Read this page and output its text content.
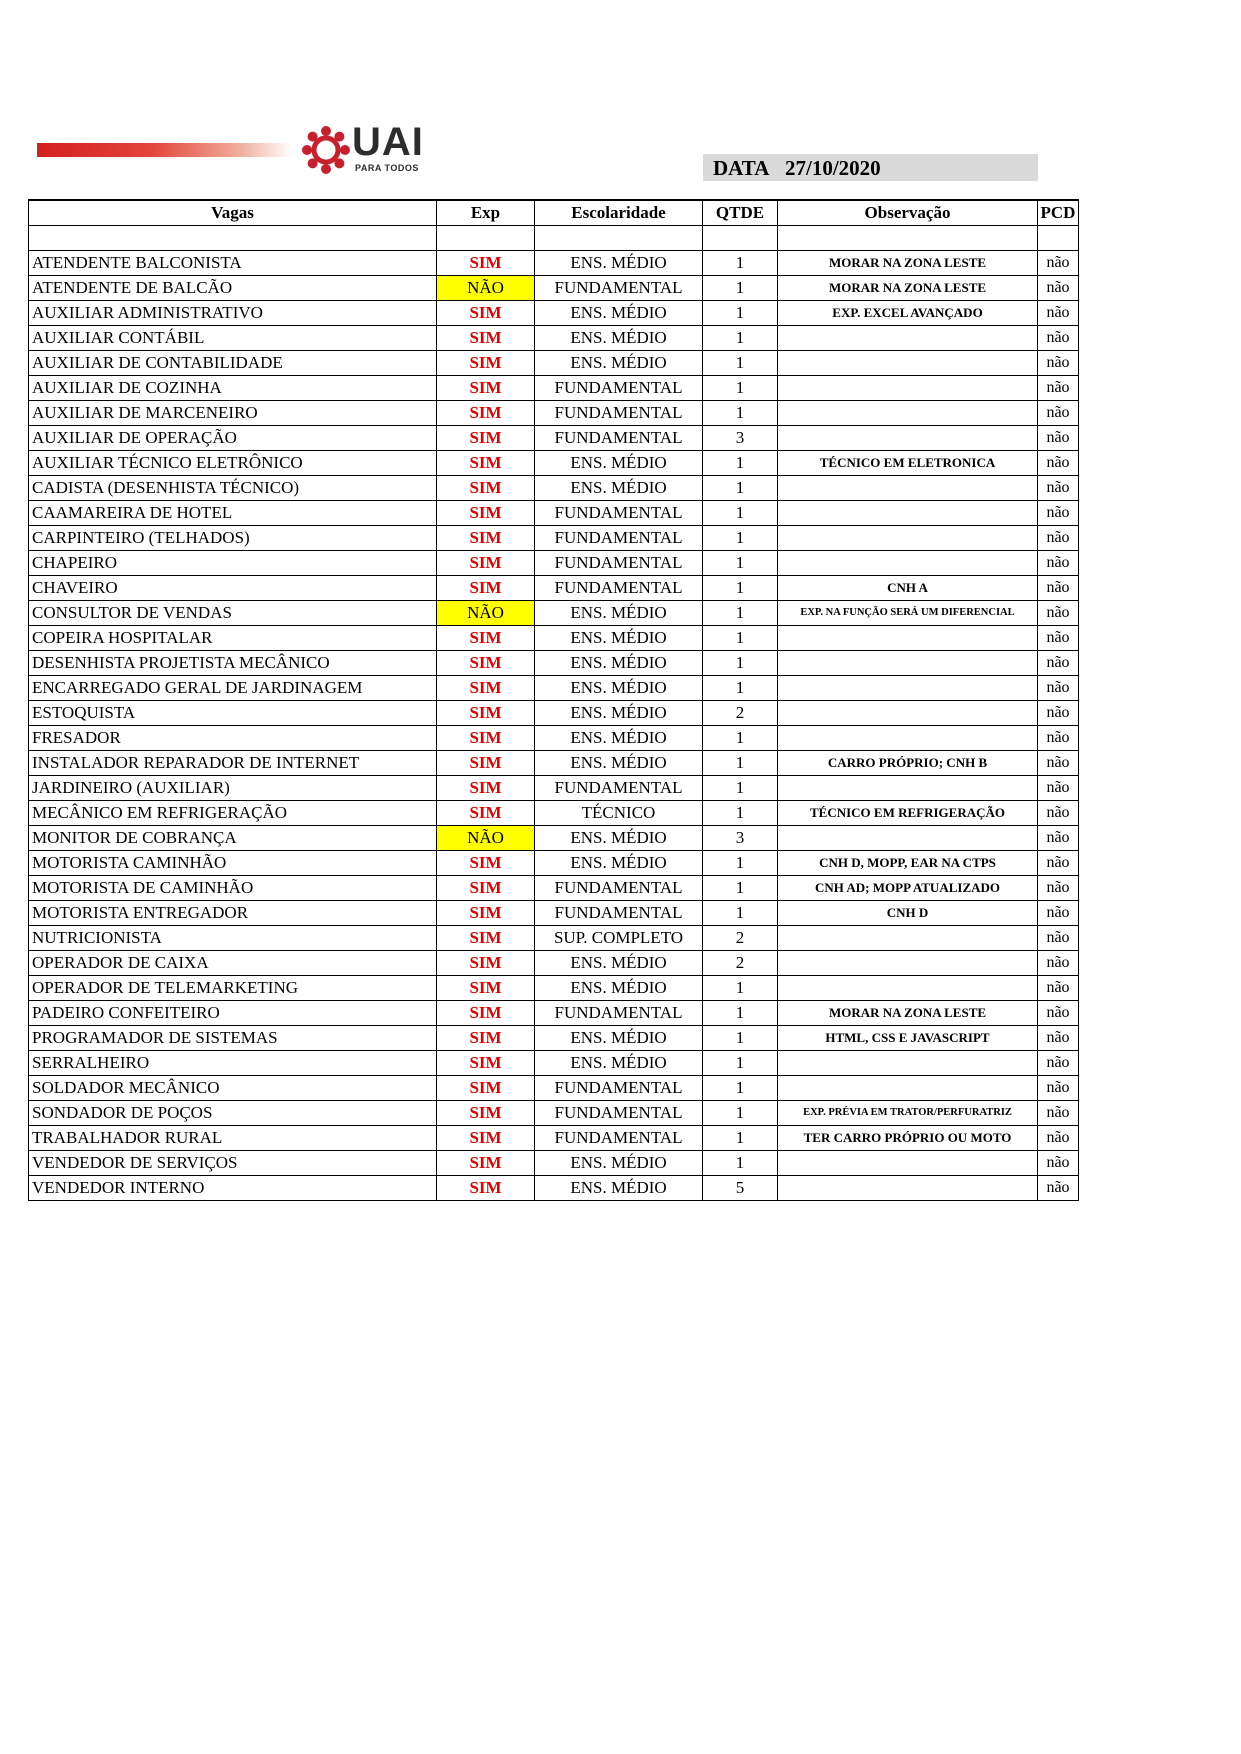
UAI
PARA TODOS	DATA 27/10/2020
Vagas	Exp	Escolaridade	QTDE	Observação	PCD

ATENDENTE BALCONISTA	SIM	ENS. MÉDIO	1	MORAR NA ZONA LESTE	não
ATENDENTE DE BALCÃO	NÃO	FUNDAMENTAL	1	MORAR NA ZONA LESTE	não
AUXILIAR ADMINISTRATIVO	SIM	ENS. MÉDIO	1	EXP. EXCEL AVANÇADO	não
AUXILIAR CONTÁBIL	SIM	ENS. MÉDIO	1		não
AUXILIAR DE CONTABILIDADE	SIM	ENS. MÉDIO	1		não
AUXILIAR DE COZINHA	SIM	FUNDAMENTAL	1		não
AUXILIAR DE MARCENEIRO	SIM	FUNDAMENTAL	1		não
AUXILIAR DE OPERAÇÃO	SIM	FUNDAMENTAL	3		não
AUXILIAR TÉCNICO ELETRÔNICO	SIM	ENS. MÉDIO	1	TÉCNICO EM ELETRONICA	não
CADISTA (DESENHISTA TÉCNICO)	SIM	ENS. MÉDIO	1		não
CAAMAREIRA DE HOTEL	SIM	FUNDAMENTAL	1		não
CARPINTEIRO (TELHADOS)	SIM	FUNDAMENTAL	1		não
CHAPEIRO	SIM	FUNDAMENTAL	1		não
CHAVEIRO	SIM	FUNDAMENTAL	1	CNH A	não
CONSULTOR DE VENDAS	NÃO	ENS. MÉDIO	1	EXP. NA FUNÇÃO SERÁ UM DIFERENCIAL	não
COPEIRA HOSPITALAR	SIM	ENS. MÉDIO	1		não
DESENHISTA PROJETISTA MECÂNICO	SIM	ENS. MÉDIO	1		não
ENCARREGADO GERAL DE JARDINAGEM	SIM	ENS. MÉDIO	1		não
ESTOQUISTA	SIM	ENS. MÉDIO	2		não
FRESADOR	SIM	ENS. MÉDIO	1		não
INSTALADOR REPARADOR DE INTERNET	SIM	ENS. MÉDIO	1	CARRO PRÓPRIO; CNH B	não
JARDINEIRO (AUXILIAR)	SIM	FUNDAMENTAL	1		não
MECÂNICO EM REFRIGERAÇÃO	SIM	TÉCNICO	1	TÉCNICO EM REFRIGERAÇÃO	não
MONITOR DE COBRANÇA	NÃO	ENS. MÉDIO	3		não
MOTORISTA CAMINHÃO	SIM	ENS. MÉDIO	1	CNH D, MOPP, EAR NA CTPS	não
MOTORISTA DE CAMINHÃO	SIM	FUNDAMENTAL	1	CNH AD; MOPP ATUALIZADO	não
MOTORISTA ENTREGADOR	SIM	FUNDAMENTAL	1	CNH D	não
NUTRICIONISTA	SIM	SUP. COMPLETO	2		não
OPERADOR DE CAIXA	SIM	ENS. MÉDIO	2		não
OPERADOR DE TELEMARKETING	SIM	ENS. MÉDIO	1		não
PADEIRO CONFEITEIRO	SIM	FUNDAMENTAL	1	MORAR NA ZONA LESTE	não
PROGRAMADOR DE SISTEMAS	SIM	ENS. MÉDIO	1	HTML, CSS E JAVASCRIPT	não
SERRALHEIRO	SIM	ENS. MÉDIO	1		não
SOLDADOR MECÂNICO	SIM	FUNDAMENTAL	1		não
SONDADOR DE POÇOS	SIM	FUNDAMENTAL	1	EXP. PRÉVIA EM TRATOR/PERFURATRIZ	não
TRABALHADOR RURAL	SIM	FUNDAMENTAL	1	TER CARRO PRÓPRIO OU MOTO	não
VENDEDOR DE SERVIÇOS	SIM	ENS. MÉDIO	1		não
VENDEDOR INTERNO	SIM	ENS. MÉDIO	5		não
